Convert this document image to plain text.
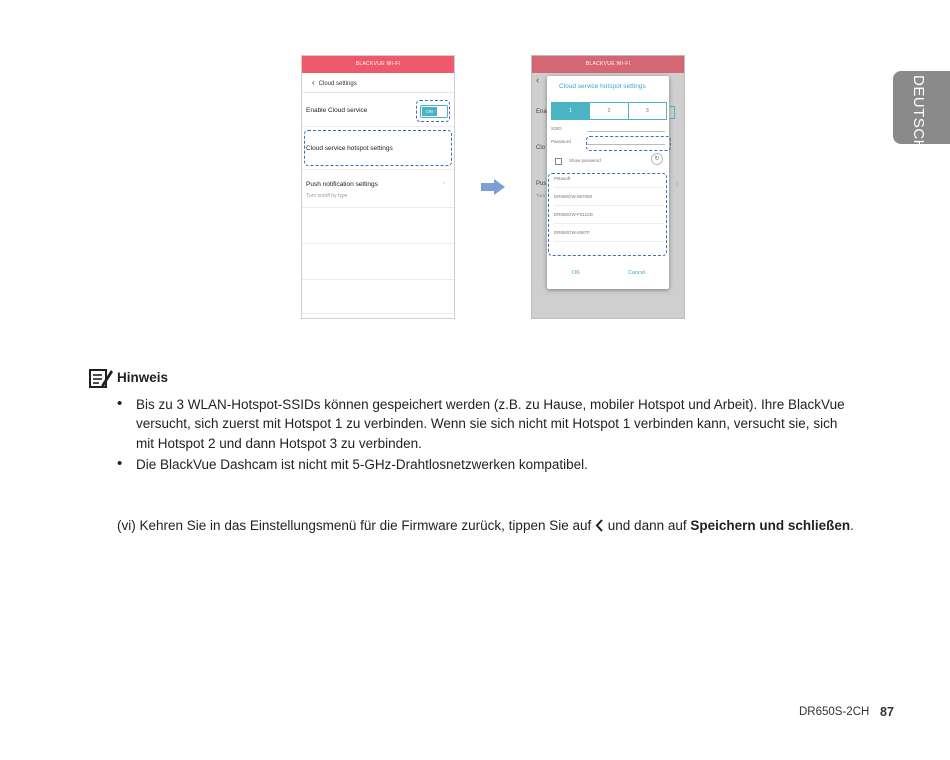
DEUTSCH
BLACKVUE WI-FI
‹ Cloud settings
Enable Cloud service	ON
Cloud service hotspot settings
Push notification settings
Turn on/off by type
›
BLACKVUE WI-FI
‹
Ena
Clo
Pus
Turn
›
Cloud service hotspot settings
1	2	3
SSID
Password
Show password	↻
Pittasoft
DR650GW-857060
DR650GW-F0110D
DR650GW-8587F
OK	Cancel
Hinweis
• Bis zu 3 WLAN-Hotspot-SSIDs können gespeichert werden (z.B. zu Hause, mobiler Hotspot und Arbeit). Ihre BlackVue versucht, sich zuerst mit Hotspot 1 zu verbinden. Wenn sie sich nicht mit Hotspot 1 verbinden kann, versucht sie, sich mit Hotspot 2 und dann Hotspot 3 zu verbinden.
• Die BlackVue Dashcam ist nicht mit 5-GHz-Drahtlosnetzwerken kompatibel.
(vi) Kehren Sie in das Einstellungsmenü für die Firmware zurück, tippen Sie auf und dann auf Speichern und schließen.
DR650S-2CH 87
